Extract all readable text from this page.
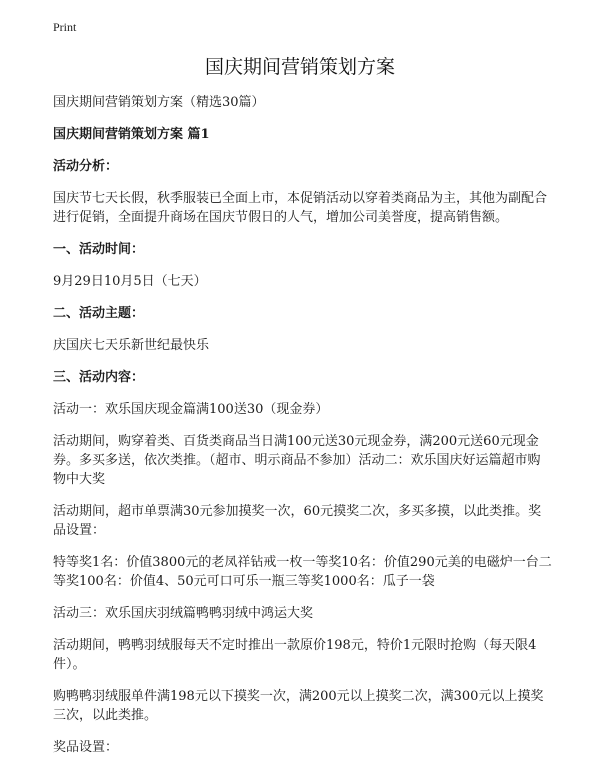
Print
国庆期间营销策划方案

国庆期间营销策划方案（精选30篇）

国庆期间营销策划方案 篇1

活动分析：

国庆节七天长假，秋季服装已全面上市，本促销活动以穿着类商品为主，其他为副配合进行促销，全面提升商场在国庆节假日的人气，增加公司美誉度，提高销售额。

一、活动时间：

9月29日10月5日（七天）

二、活动主题：

庆国庆七天乐新世纪最快乐

三、活动内容：

活动一：欢乐国庆现金篇满100送30（现金券）

活动期间，购穿着类、百货类商品当日满100元送30元现金券，满200元送60元现金券。多买多送，依次类推。（超市、明示商品不参加）活动二：欢乐国庆好运篇超市购物中大奖

活动期间，超市单票满30元参加摸奖一次，60元摸奖二次，多买多摸，以此类推。奖品设置：

特等奖1名：价值3800元的老凤祥钻戒一枚一等奖10名：价值290元美的电磁炉一台二等奖100名：价值4、50元可口可乐一瓶三等奖1000名：瓜子一袋

活动三：欢乐国庆羽绒篇鸭鸭羽绒中鸿运大奖

活动期间，鸭鸭羽绒服每天不定时推出一款原价198元，特价1元限时抢购（每天限4件）。

购鸭鸭羽绒服单件满198元以下摸奖一次，满200元以上摸奖二次，满300元以上摸奖三次，以此类推。

奖品设置：
